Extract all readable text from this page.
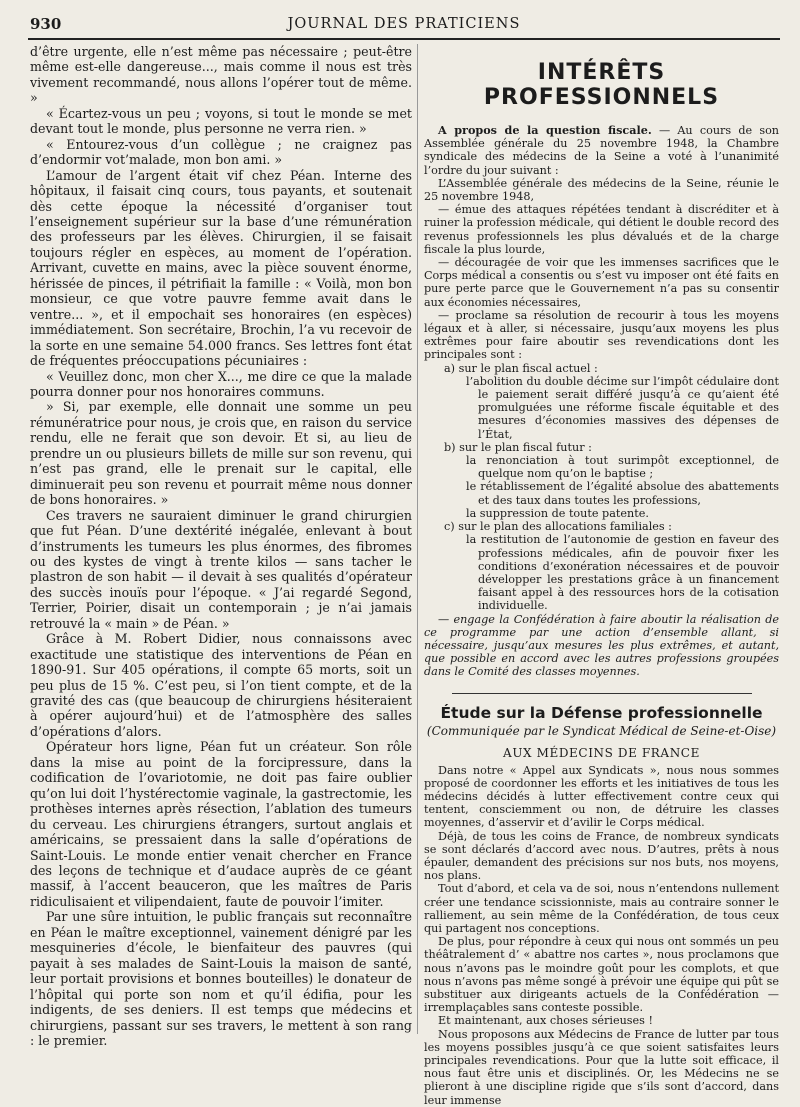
930	JOURNAL DES PRATICIENS

d’être urgente, elle n’est même pas nécessaire ; peut-être même est-elle dangereuse..., mais comme il nous est très vivement recommandé, nous allons l’opérer tout de même. »

« Écartez-vous un peu ; voyons, si tout le monde se met devant tout le monde, plus personne ne verra rien. »

« Entourez-vous d’un collègue ; ne craignez pas d’endormir vot’malade, mon bon ami. »

L’amour de l’argent était vif chez Péan. Interne des hôpitaux, il faisait cinq cours, tous payants, et soutenait dès cette époque la nécessité d’organiser tout l’enseignement supérieur sur la base d’une rémunération des professeurs par les élèves. Chirurgien, il se faisait toujours régler en espèces, au moment de l’opération. Arrivant, cuvette en mains, avec la pièce souvent énorme, hérissée de pinces, il pétrifiait la famille : « Voilà, mon bon monsieur, ce que votre pauvre femme avait dans le ventre... », et il empochait ses honoraires (en espèces) immédiatement. Son secrétaire, Brochin, l’a vu recevoir de la sorte en une semaine 54.000 francs. Ses lettres font état de fréquentes préoccupations pécuniaires :

« Veuillez donc, mon cher X..., me dire ce que la malade pourra donner pour nos honoraires communs.

» Si, par exemple, elle donnait une somme un peu rémunératrice pour nous, je crois que, en raison du service rendu, elle ne ferait que son devoir. Et si, au lieu de prendre un ou plusieurs billets de mille sur son revenu, qui n’est pas grand, elle le prenait sur le capital, elle diminuerait peu son revenu et pourrait même nous donner de bons honoraires. »

Ces travers ne sauraient diminuer le grand chirurgien que fut Péan. D’une dextérité inégalée, enlevant à bout d’instruments les tumeurs les plus énormes, des fibromes ou des kystes de vingt à trente kilos — sans tacher le plastron de son habit — il devait à ses qualités d’opérateur des succès inouïs pour l’époque. « J’ai regardé Segond, Terrier, Poirier, disait un contemporain ; je n’ai jamais retrouvé la « main » de Péan. »

Grâce à M. Robert Didier, nous connaissons avec exactitude une statistique des interventions de Péan en 1890-91. Sur 405 opérations, il compte 65 morts, soit un peu plus de 15 %. C’est peu, si l’on tient compte, et de la gravité des cas (que beaucoup de chirurgiens hésiteraient à opérer aujourd’hui) et de l’atmosphère des salles d’opérations d’alors.

Opérateur hors ligne, Péan fut un créateur. Son rôle dans la mise au point de la forcipressure, dans la codification de l’ovariotomie, ne doit pas faire oublier qu’on lui doit l’hystérectomie vaginale, la gastrectomie, les prothèses internes après résection, l’ablation des tumeurs du cerveau. Les chirurgiens étrangers, surtout anglais et américains, se pressaient dans la salle d’opérations de Saint-Louis. Le monde entier venait chercher en France des leçons de technique et d’audace auprès de ce géant massif, à l’accent beauceron, que les maîtres de Paris ridiculisaient et vilipendaient, faute de pouvoir l’imiter.

Par une sûre intuition, le public français sut reconnaître en Péan le maître exceptionnel, vainement dénigré par les mesquineries d’école, le bienfaiteur des pauvres (qui payait à ses malades de Saint-Louis la maison de santé, leur portait provisions et bonnes bouteilles) le donateur de l’hôpital qui porte son nom et qu’il édifia, pour les indigents, de ses deniers. Il est temps que médecins et chirurgiens, passant sur ses travers, le mettent à son rang : le premier.

INTÉRÊTS PROFESSIONNELS

A propos de la question fiscale. — Au cours de son Assemblée générale du 25 novembre 1948, la Chambre syndicale des médecins de la Seine a voté à l’unanimité l’ordre du jour suivant :

L’Assemblée générale des médecins de la Seine, réunie le 25 novembre 1948,

— émue des attaques répétées tendant à discréditer et à ruiner la profession médicale, qui détient le double record des revenus professionnels les plus dévalués et de la charge fiscale la plus lourde,

— découragée de voir que les immenses sacrifices que le Corps médical a consentis ou s’est vu imposer ont été faits en pure perte parce que le Gouvernement n’a pas su consentir aux économies nécessaires,

— proclame sa résolution de recourir à tous les moyens légaux et à aller, si nécessaire, jusqu’aux moyens les plus extrêmes pour faire aboutir ses revendications dont les principales sont :

a) sur le plan fiscal actuel :
l’abolition du double décime sur l’impôt cédulaire dont le paiement serait différé jusqu’à ce qu’aient été promulguées une réforme fiscale équitable et des mesures d’économies massives des dépenses de l’État,
b) sur le plan fiscal futur :
la renonciation à tout surimpôt exceptionnel, de quelque nom qu’on le baptise ;
le rétablissement de l’égalité absolue des abattements et des taux dans toutes les professions,
la suppression de toute patente.
c) sur le plan des allocations familiales :
la restitution de l’autonomie de gestion en faveur des professions médicales, afin de pouvoir fixer les conditions d’exonération nécessaires et de pouvoir développer les prestations grâce à un financement faisant appel à des ressources hors de la cotisation individuelle.

— engage la Confédération à faire aboutir la réalisation de ce programme par une action d’ensemble allant, si nécessaire, jusqu’aux mesures les plus extrêmes, et autant, que possible en accord avec les autres professions groupées dans le Comité des classes moyennes.

Étude sur la Défense professionnelle
(Communiquée par le Syndicat Médical de Seine-et-Oise)
AUX MÉDECINS DE FRANCE

Dans notre « Appel aux Syndicats », nous nous sommes proposé de coordonner les efforts et les initiatives de tous les médecins décidés à lutter effectivement contre ceux qui tentent, consciemment ou non, de détruire les classes moyennes, d’asservir et d’avilir le Corps médical.

Déjà, de tous les coins de France, de nombreux syndicats se sont déclarés d’accord avec nous. D’autres, prêts à nous épauler, demandent des précisions sur nos buts, nos moyens, nos plans.

Tout d’abord, et cela va de soi, nous n’entendons nullement créer une tendance scissionniste, mais au contraire sonner le ralliement, au sein même de la Confédération, de tous ceux qui partagent nos conceptions.

De plus, pour répondre à ceux qui nous ont sommés un peu théâtralement d’ « abattre nos cartes », nous proclamons que nous n’avons pas le moindre goût pour les complots, et que nous n’avons pas même songé à prévoir une équipe qui pût se substituer aux dirigeants actuels de la Confédération — irremplaçables sans conteste possible.

Et maintenant, aux choses sérieuses !

Nous proposons aux Médecins de France de lutter par tous les moyens possibles jusqu’à ce que soient satisfaites leurs principales revendications. Pour que la lutte soit efficace, il nous faut être unis et disciplinés. Or, les Médecins ne se plieront à une discipline rigide que s’ils sont d’accord, dans leur immense
